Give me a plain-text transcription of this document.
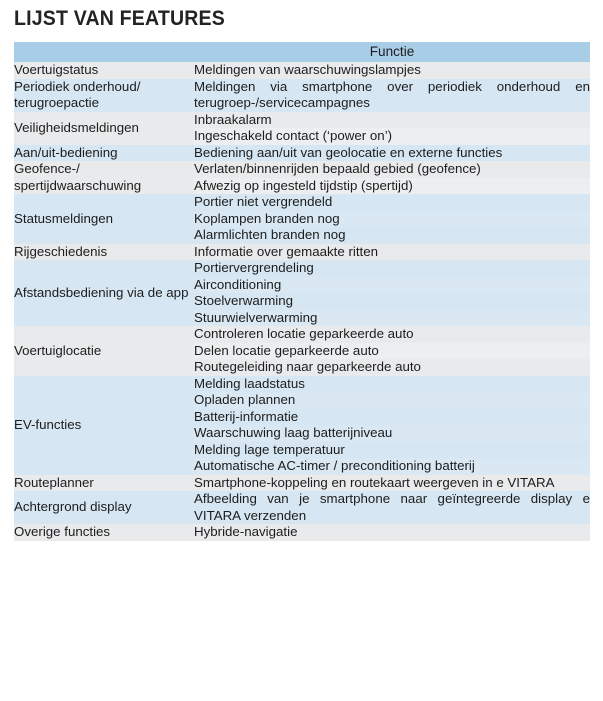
LIJST VAN FEATURES
	Functie
Voertuigstatus	Meldingen van waarschuwingslampjes
Periodiek onderhoud/ terugroepactie	Meldingen via smartphone over periodiek onderhoud en terugroep-/servicecampagnes
Veiligheidsmeldingen	Inbraakalarm
	Ingeschakeld contact (‘power on’)
Aan/uit-bediening	Bediening aan/uit van geolocatie en externe functies
Geofence-/ spertijdwaarschuwing	Verlaten/binnenrijden bepaald gebied (geofence)
	Afwezig op ingesteld tijdstip (spertijd)
Statusmeldingen	Portier niet vergrendeld
	Koplampen branden nog
	Alarmlichten branden nog
Rijgeschiedenis	Informatie over gemaakte ritten
Afstandsbediening via de app	Portiervergrendeling
	Airconditioning
	Stoelverwarming
	Stuurwielverwarming
Voertuiglocatie	Controleren locatie geparkeerde auto
	Delen locatie geparkeerde auto
	Routegeleiding naar geparkeerde auto
EV-functies	Melding laadstatus
	Opladen plannen
	Batterij-informatie
	Waarschuwing laag batterijniveau
	Melding lage temperatuur
	Automatische AC-timer / preconditioning batterij
Routeplanner	Smartphone-koppeling en routekaart weergeven in e VITARA
Achtergrond display	Afbeelding van je smartphone naar geïntegreerde display e VITARA verzenden
Overige functies	Hybride-navigatie
